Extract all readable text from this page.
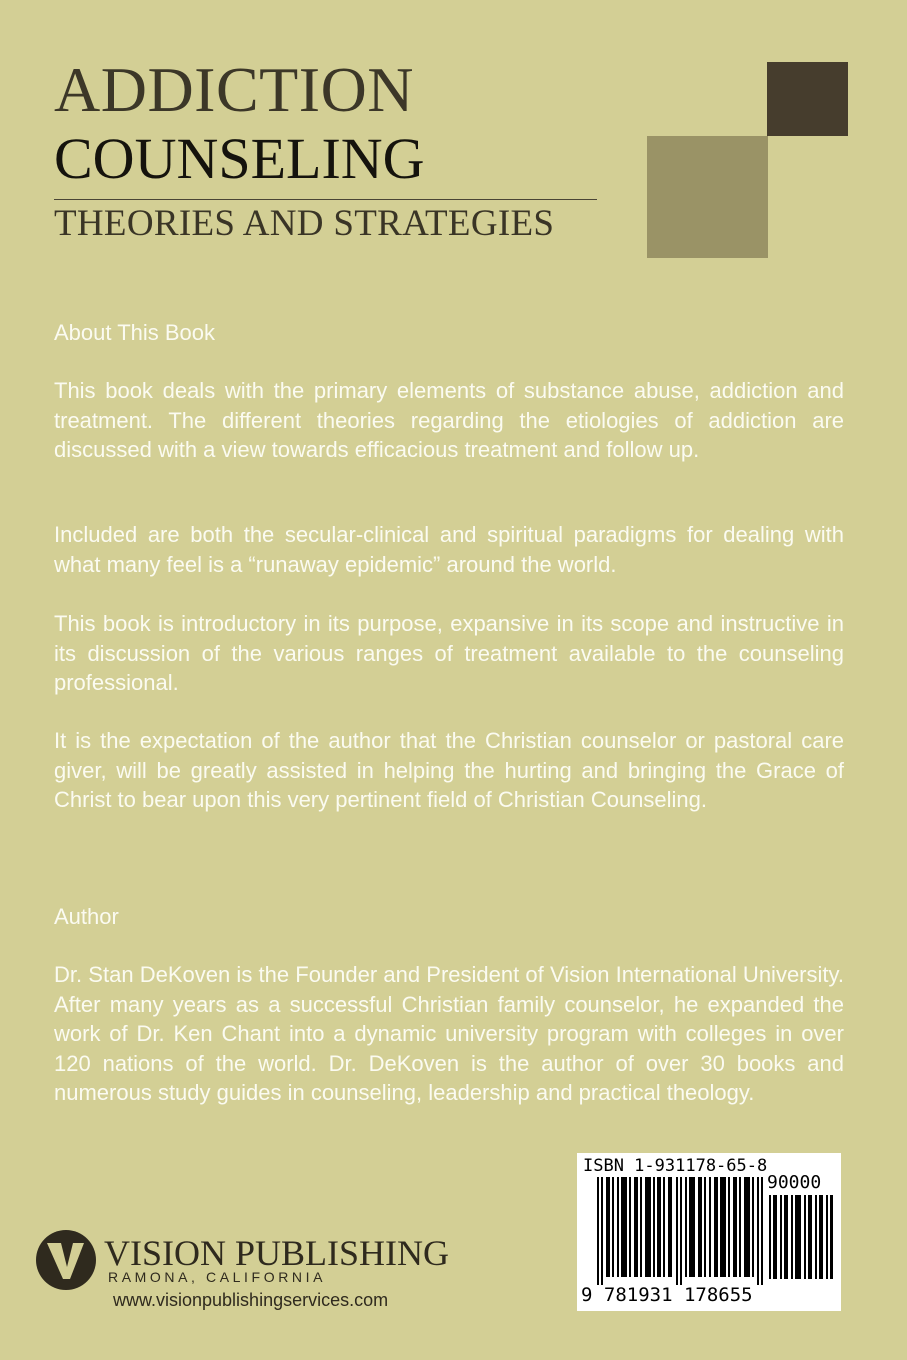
ADDICTION
COUNSELING
THEORIES AND STRATEGIES
About This Book

This book deals with the primary elements of substance abuse, addiction and treatment. The different theories regarding the etiologies of addiction are discussed with a view towards efficacious treatment and follow up.

Included are both the secular-clinical and spiritual paradigms for dealing with what many feel is a “runaway epidemic” around the world.

This book is introductory in its purpose, expansive in its scope and instructive in its discussion of the various ranges of treatment available to the counseling professional.

It is the expectation of the author that the Christian counselor or pastoral care giver, will be greatly assisted in helping the hurting and bringing the Grace of Christ to bear upon this very pertinent field of Christian Counseling.

Author

Dr. Stan DeKoven is the Founder and President of Vision International University. After many years as a successful Christian family counselor, he expanded the work of Dr. Ken Chant into a dynamic university program with colleges in over 120 nations of the world. Dr. DeKoven is the author of over 30 books and numerous study guides in counseling, leadership and practical theology.

ISBN 1-931178-65-8
90000
9 781931 178655
VISION PUBLISHING
RAMONA, CALIFORNIA
www.visionpublishingservices.com
